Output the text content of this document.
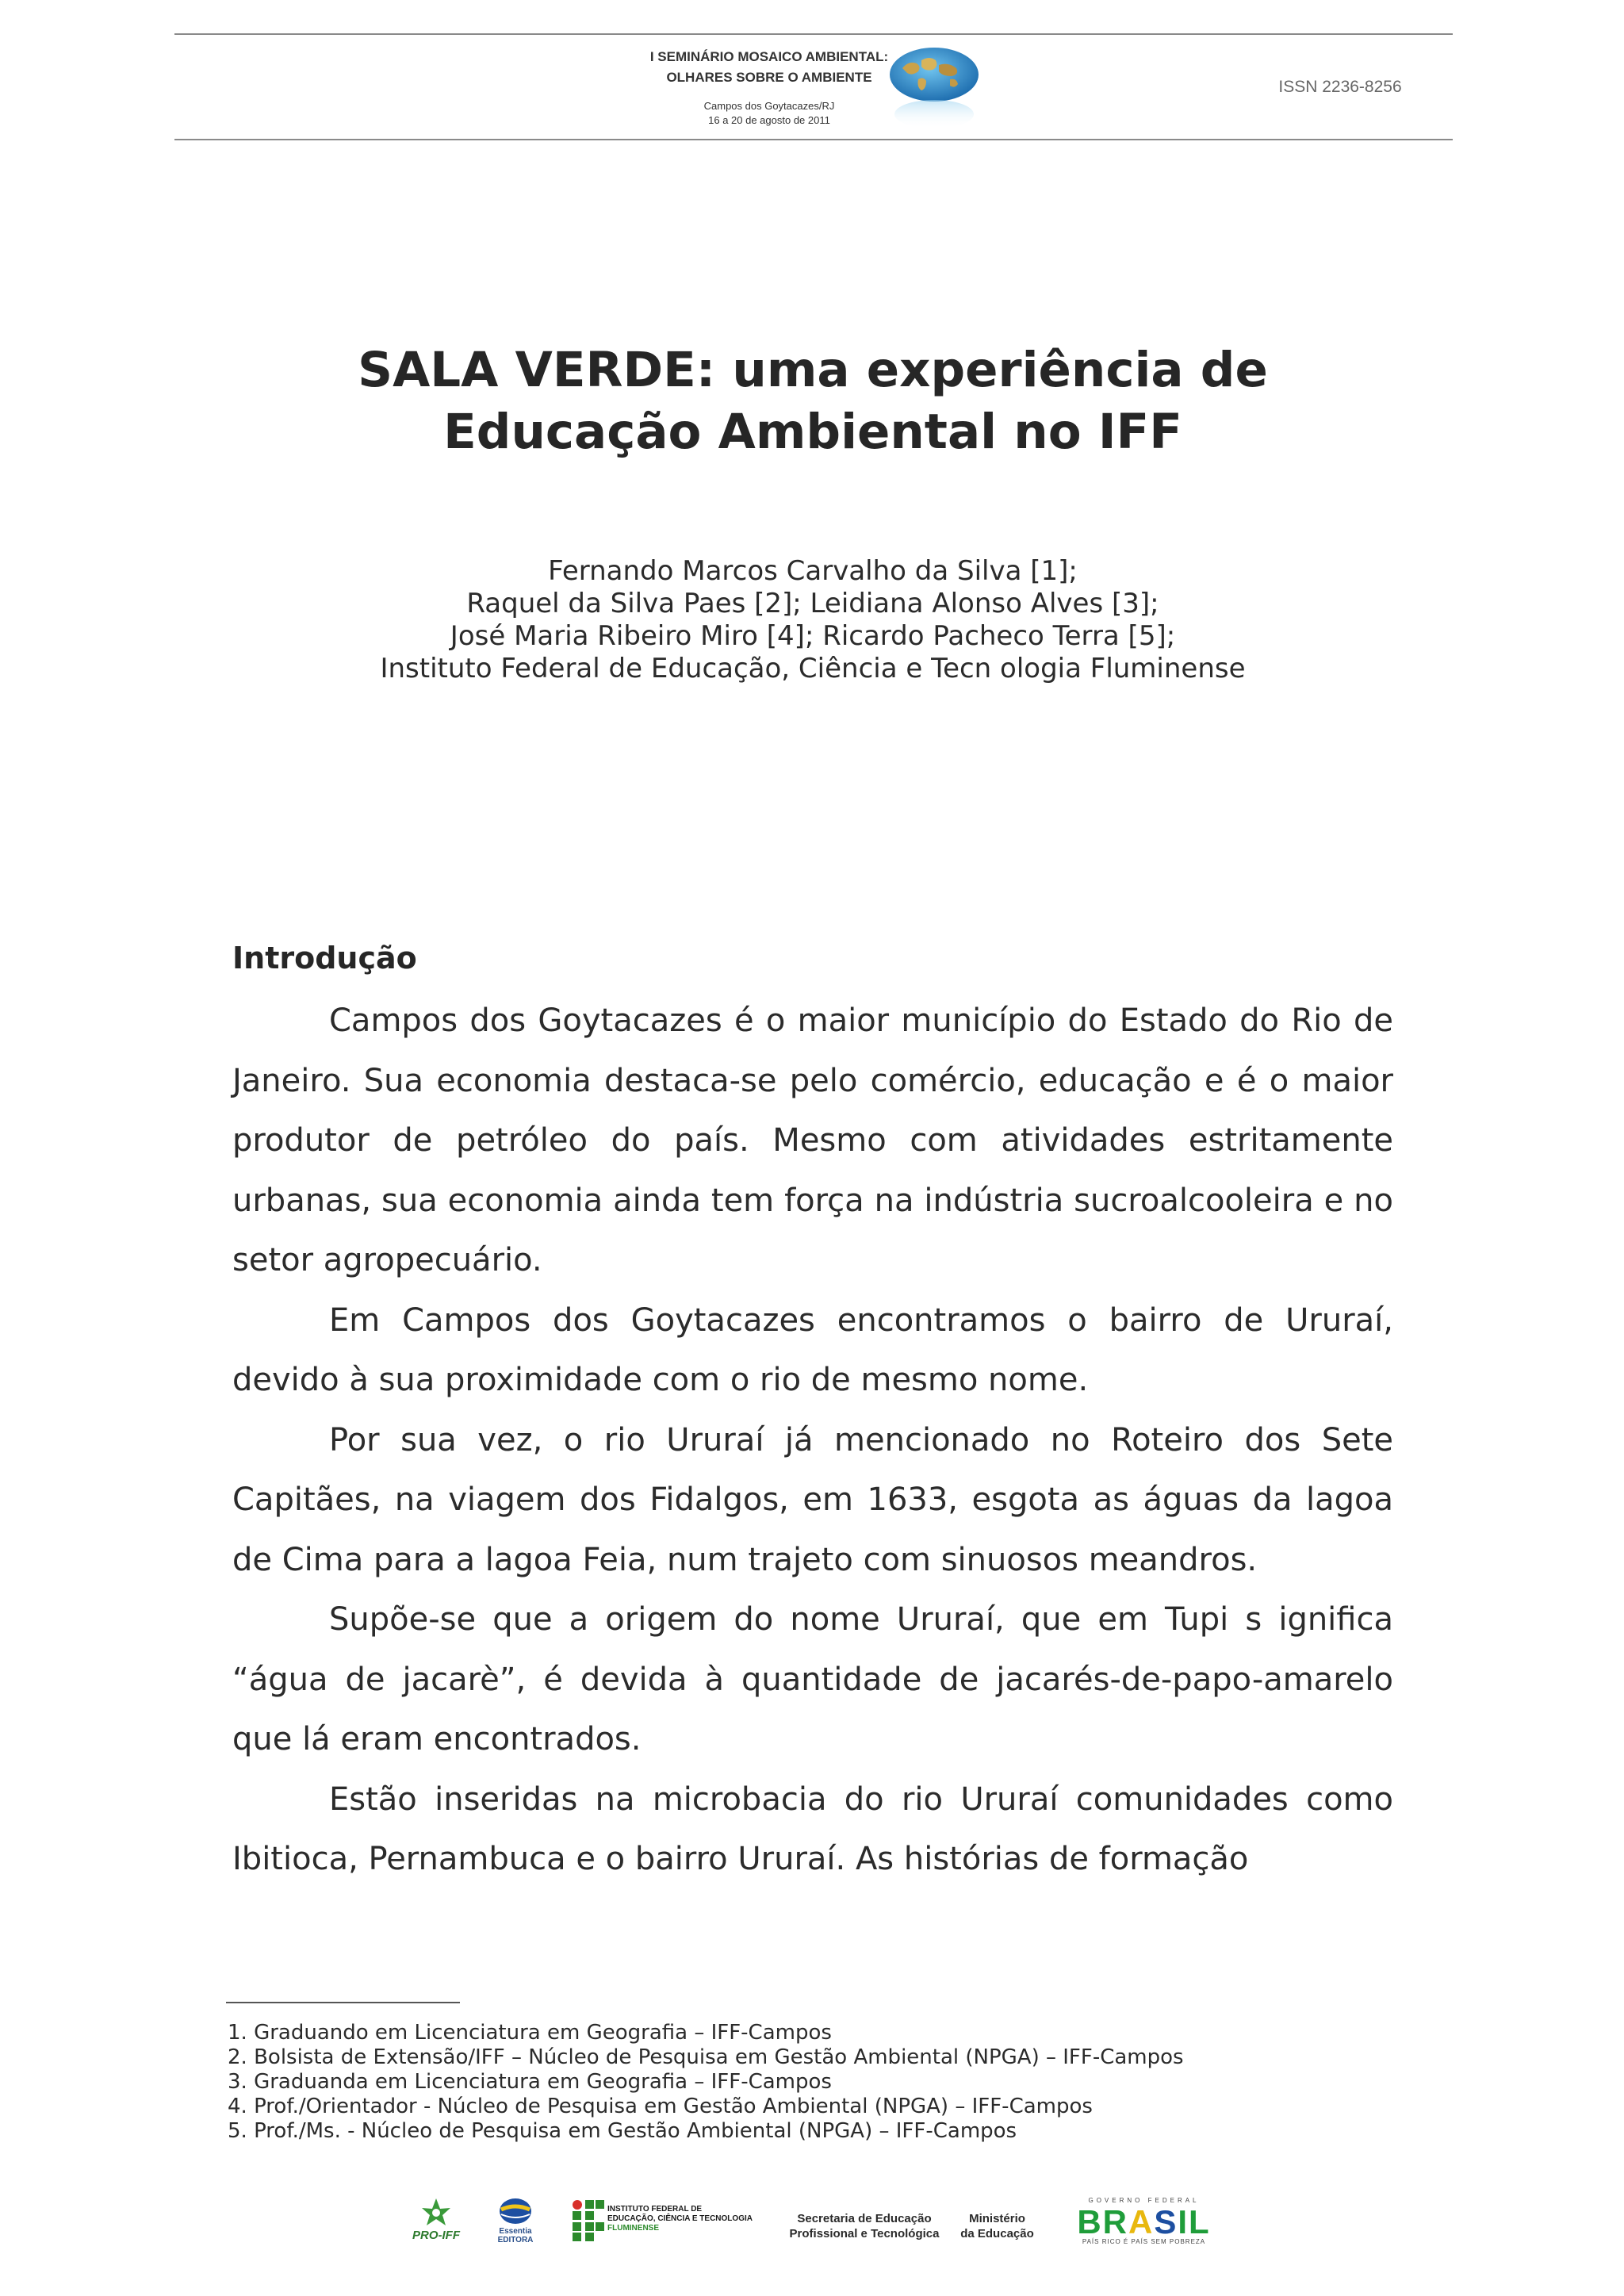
I SEMINÁRIO MOSAICO AMBIENTAL:
OLHARES SOBRE O AMBIENTE
Campos dos Goytacazes/RJ
16 a 20 de agosto de 2011
ISSN 2236-8256
SALA VERDE: uma experiência de
Educação Ambiental no IFF
Fernando Marcos Carvalho da Silva [1];
Raquel da Silva Paes [2]; Leidiana Alonso Alves [3];
José Maria Ribeiro Miro [4]; Ricardo Pacheco Terra [5];
Instituto Federal de Educação, Ciência e Tecn ologia Fluminense
Introdução

Campos dos Goytacazes é o maior município do Estado do Rio de Janeiro. Sua economia destaca-se pelo comércio, educação e é o maior produtor de petróleo do país. Mesmo com atividades estritamente urbanas, sua economia ainda tem força na indústria sucroalcooleira e no setor agropecuário.

Em Campos dos Goytacazes encontramos o bairro de Ururaí, devido à sua proximidade com o rio de mesmo nome.

Por sua vez, o rio Ururaí já mencionado no Roteiro dos Sete Capitães, na viagem dos Fidalgos, em 1633, esgota as águas da lagoa de Cima para a lagoa Feia, num trajeto com sinuosos meandros.

Supõe-se que a origem do nome Ururaí, que em Tupi s ignifica “água de jacarè”, é devida à quantidade de jacarés-de-papo-amarelo que lá eram encontrados.

Estão inseridas na microbacia do rio Ururaí comunidades como Ibitioca, Pernambuca e o bairro Ururaí. As histórias de formação

1. Graduando em Licenciatura em Geografia – IFF-Campos
2. Bolsista de Extensão/IFF – Núcleo de Pesquisa em Gestão Ambiental (NPGA) – IFF-Campos
3. Graduanda em Licenciatura em Geografia – IFF-Campos
4. Prof./Orientador - Núcleo de Pesquisa em Gestão Ambiental (NPGA) – IFF-Campos
5. Prof./Ms. - Núcleo de Pesquisa em Gestão Ambiental (NPGA) – IFF-Campos
PRO-IFF	Essentia EDITORA
INSTITUTO FEDERAL DE
EDUCAÇÃO, CIÊNCIA E TECNOLOGIA
FLUMINENSE
Secretaria de Educação
Profissional e Tecnológica
Ministério
da Educação
GOVERNO FEDERAL
BRASIL
PAÍS RICO É PAÍS SEM POBREZA
